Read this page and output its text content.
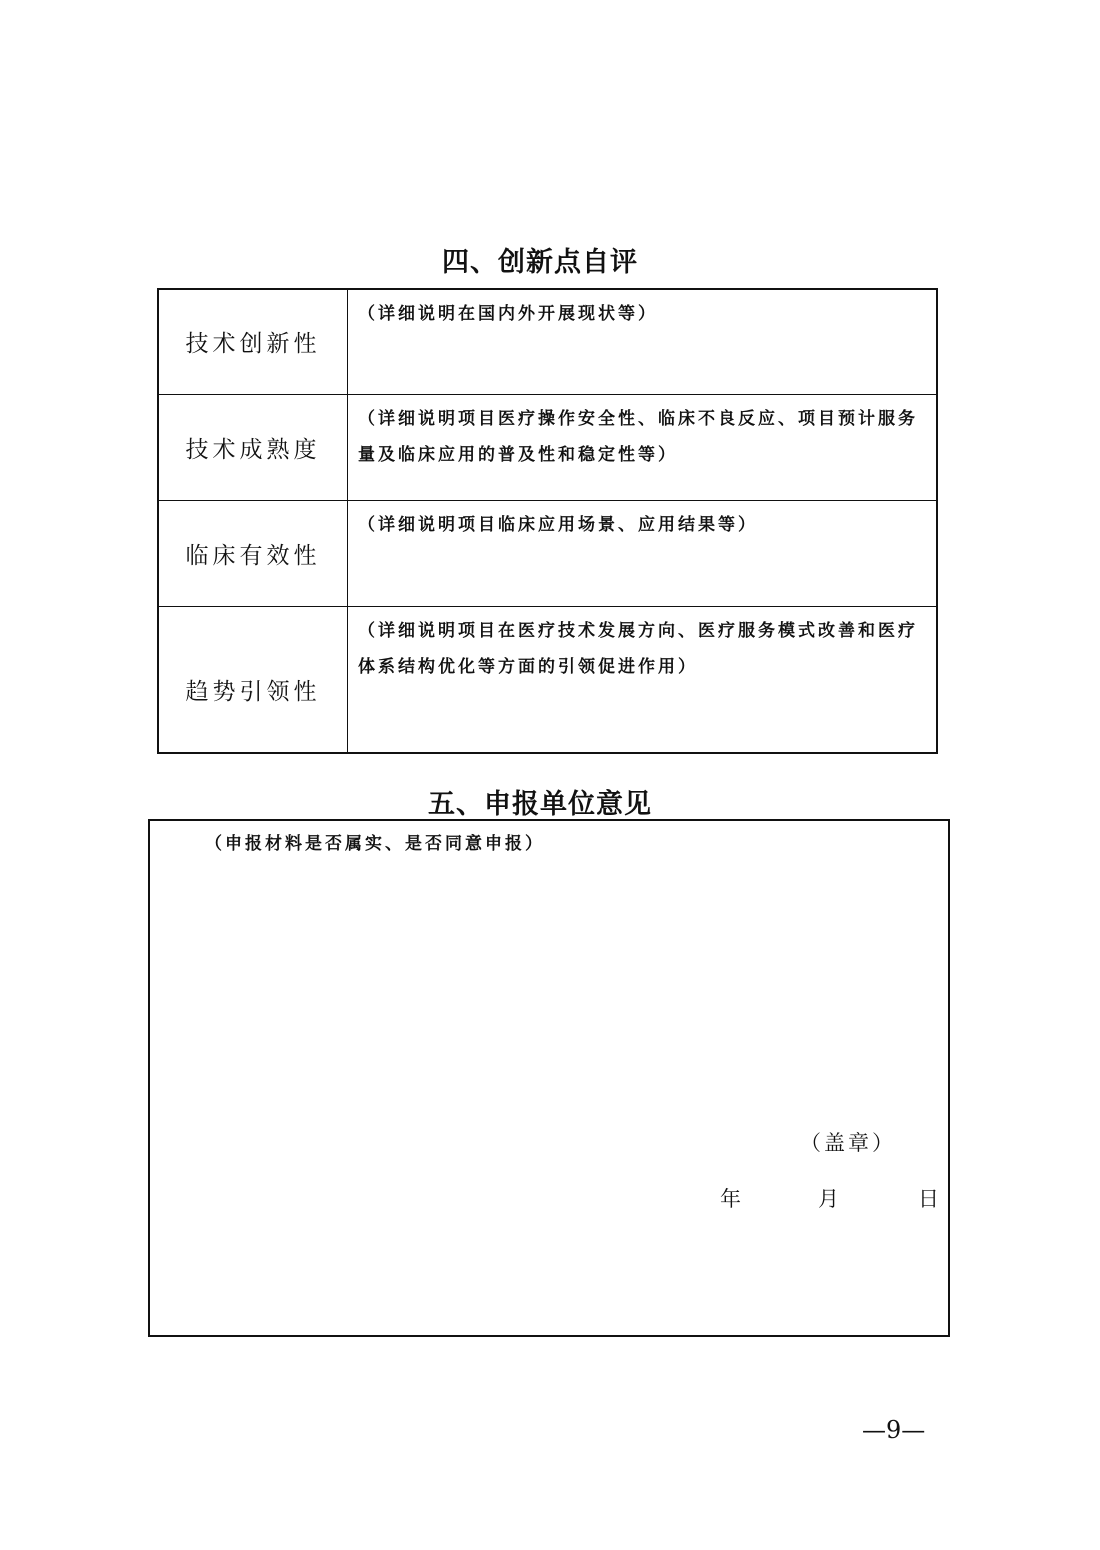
四、创新点自评
技术创新性	（详细说明在国内外开展现状等）
技术成熟度	（详细说明项目医疗操作安全性、临床不良反应、项目预计服务量及临床应用的普及性和稳定性等）
临床有效性	（详细说明项目临床应用场景、应用结果等）
趋势引领性	（详细说明项目在医疗技术发展方向、医疗服务模式改善和医疗体系结构优化等方面的引领促进作用）
五、申报单位意见
（申报材料是否属实、是否同意申报）
（盖章）
年	月	日
—9—
